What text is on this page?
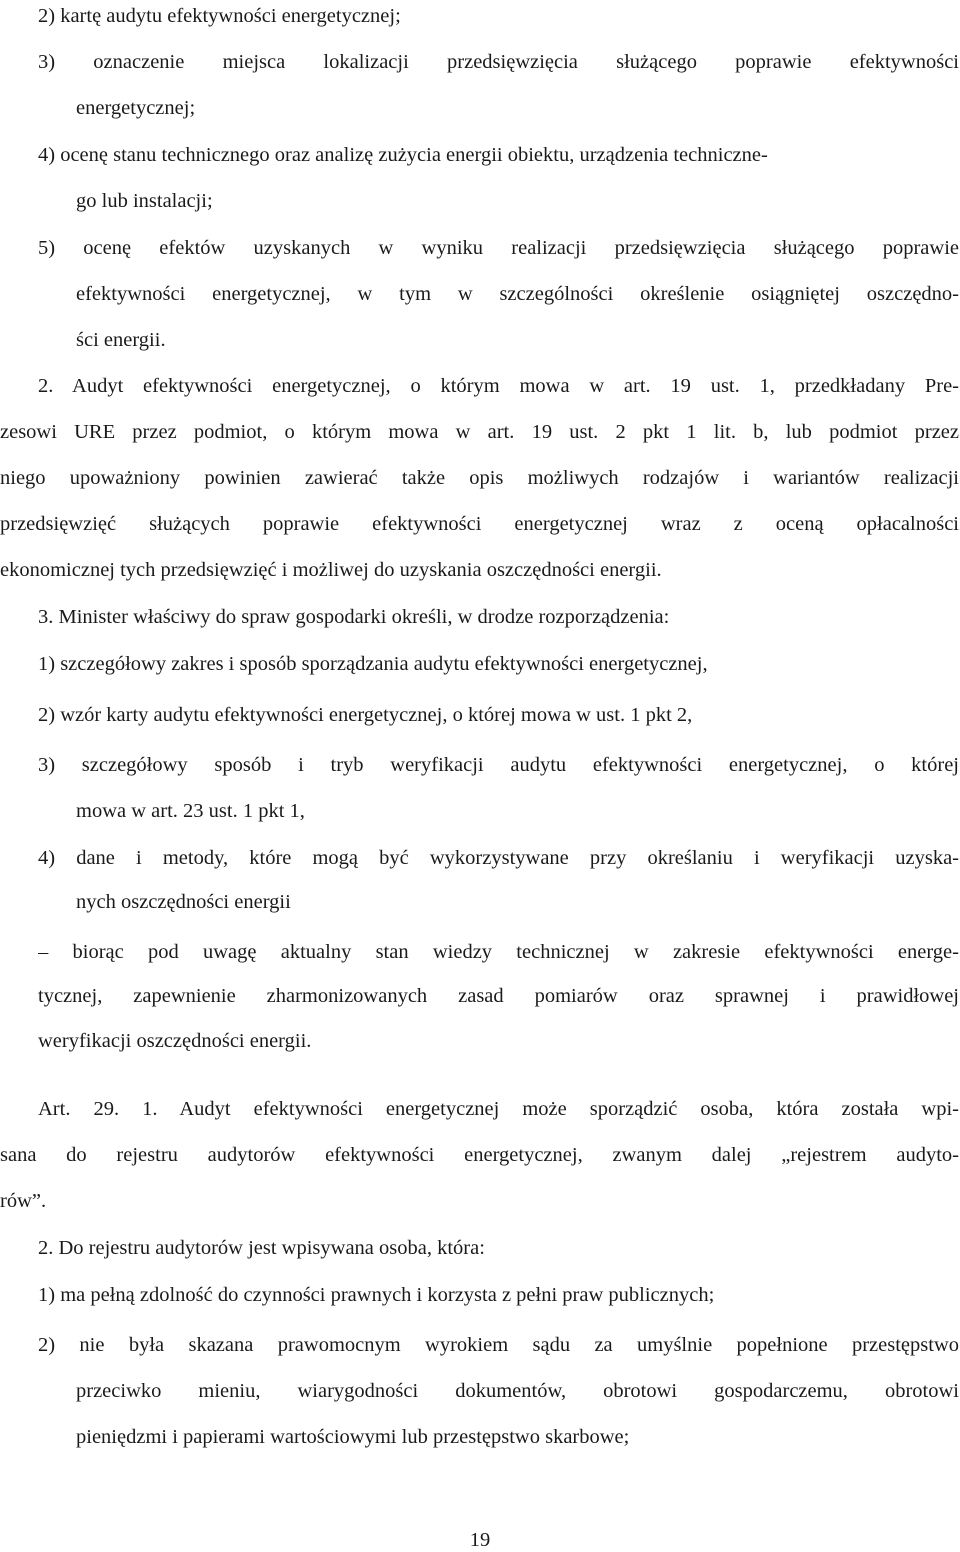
2) kartę audytu efektywności energetycznej;
3) oznaczenie miejsca lokalizacji przedsięwzięcia służącego poprawie efektywności
energetycznej;
4) ocenę stanu technicznego oraz analizę zużycia energii obiektu, urządzenia techniczne-
go lub instalacji;
5) ocenę efektów uzyskanych w wyniku realizacji przedsięwzięcia służącego poprawie
efektywności energetycznej, w tym w szczególności określenie osiągniętej oszczędno-
ści energii.
2. Audyt efektywności energetycznej, o którym mowa w art. 19 ust. 1, przedkładany Pre-
zesowi URE przez podmiot, o którym mowa w art. 19 ust. 2 pkt 1 lit. b, lub podmiot przez
niego upoważniony powinien zawierać także opis możliwych rodzajów i wariantów realizacji
przedsięwzięć służących poprawie efektywności energetycznej wraz z oceną opłacalności
ekonomicznej tych przedsięwzięć i możliwej do uzyskania oszczędności energii.
3. Minister właściwy do spraw gospodarki określi, w drodze rozporządzenia:
1) szczegółowy zakres i sposób sporządzania audytu efektywności energetycznej,
2) wzór karty audytu efektywności energetycznej, o której mowa w ust. 1 pkt 2,
3) szczegółowy sposób i tryb weryfikacji audytu efektywności energetycznej, o której
mowa w art. 23 ust. 1 pkt 1,
4) dane i metody, które mogą być wykorzystywane przy określaniu i weryfikacji uzyska-
nych oszczędności energii
– biorąc pod uwagę aktualny stan wiedzy technicznej w zakresie efektywności energe-
tycznej, zapewnienie zharmonizowanych zasad pomiarów oraz sprawnej i prawidłowej
weryfikacji oszczędności energii.
Art. 29. 1. Audyt efektywności energetycznej może sporządzić osoba, która została wpi-
sana do rejestru audytorów efektywności energetycznej, zwanym dalej „rejestrem audyto-
rów”.
2. Do rejestru audytorów jest wpisywana osoba, która:
1) ma pełną zdolność do czynności prawnych i korzysta z pełni praw publicznych;
2) nie była skazana prawomocnym wyrokiem sądu za umyślnie popełnione przestępstwo
przeciwko mieniu, wiarygodności dokumentów, obrotowi gospodarczemu, obrotowi
pieniędzmi i papierami wartościowymi lub przestępstwo skarbowe;
19
